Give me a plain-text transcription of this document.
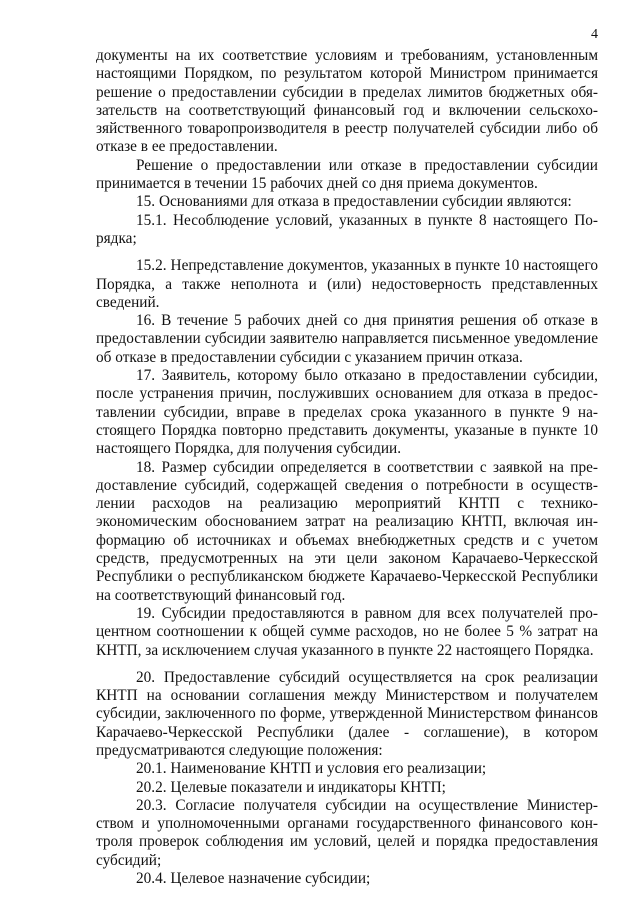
4

документы на их соответствие условиям и требованиям, установленным настоящими Порядком, по результатом которой Министром принимается решение о предоставлении субсидии в пределах лимитов бюджетных обязательств на соответствующий финансовый год и включении сельскохозяйственного товаропроизводителя в реестр получателей субсидии либо об отказе в ее предоставлении.

Решение о предоставлении или отказе в предоставлении субсидии принимается в течении 15 рабочих дней со дня приема документов.

15. Основаниями для отказа в предоставлении субсидии являются:

15.1. Несоблюдение условий, указанных в пункте 8 настоящего Порядка;

15.2. Непредставление документов, указанных в пункте 10 настоящего Порядка, а также неполнота и (или) недостоверность представленных сведений.

16. В течение 5 рабочих дней со дня принятия решения об отказе в предоставлении субсидии заявителю направляется письменное уведомление об отказе в предоставлении субсидии с указанием причин отказа.

17. Заявитель, которому было отказано в предоставлении субсидии, после устранения причин, послуживших основанием для отказа в предоставлении субсидии, вправе в пределах срока указанного в пункте 9 настоящего Порядка повторно представить документы, указаные в пункте 10 настоящего Порядка, для получения субсидии.

18. Размер субсидии определяется в соответствии с заявкой на предоставление субсидий, содержащей сведения о потребности в осуществлении расходов на реализацию мероприятий КНТП с технико-экономическим обоснованием затрат на реализацию КНТП, включая информацию об источниках и объемах внебюджетных средств и с учетом средств, предусмотренных на эти цели законом Карачаево-Черкесской Республики о республиканском бюджете Карачаево-Черкесской Республики на соответствующий финансовый год.

19. Субсидии предоставляются в равном для всех получателей процентном соотношении к общей сумме расходов, но не более 5 % затрат на КНТП, за исключением случая указанного в пункте 22 настоящего Порядка.

20. Предоставление субсидий осуществляется на срок реализации КНТП на основании соглашения между Министерством и получателем субсидии, заключенного по форме, утвержденной Министерством финансов Карачаево-Черкесской Республики (далее - соглашение), в котором предусматриваются следующие положения:

20.1. Наименование КНТП и условия его реализации;

20.2. Целевые показатели и индикаторы КНТП;

20.3. Согласие получателя субсидии на осуществление Министерством и уполномоченными органами государственного финансового контроля проверок соблюдения им условий, целей и порядка предоставления субсидий;

20.4. Целевое назначение субсидии;
